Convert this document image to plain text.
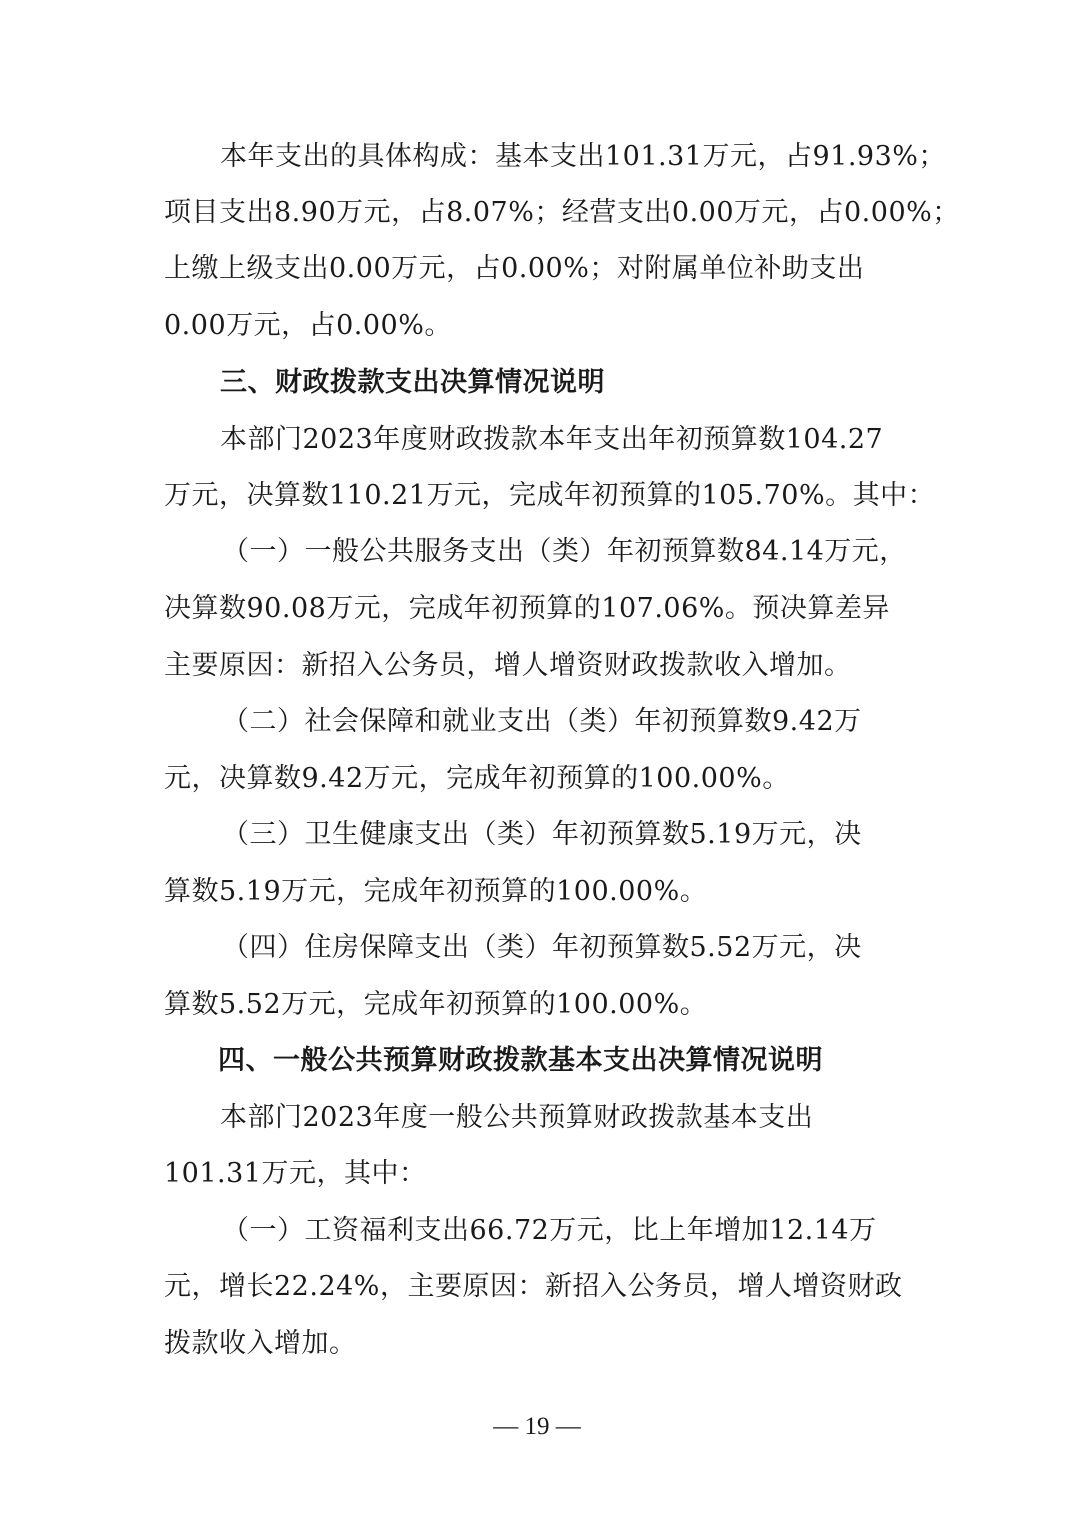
本年支出的具体构成：基本支出101.31万元，占91.93%；
项目支出8.90万元，占8.07%；经营支出0.00万元，占0.00%；
上缴上级支出0.00万元，占0.00%；对附属单位补助支出
0.00万元，占0.00%。
三、财政拨款支出决算情况说明
本部门2023年度财政拨款本年支出年初预算数104.27
万元，决算数110.21万元，完成年初预算的105.70%。其中：
（一）一般公共服务支出（类）年初预算数84.14万元，
决算数90.08万元，完成年初预算的107.06%。预决算差异
主要原因：新招入公务员，增人增资财政拨款收入增加。
（二）社会保障和就业支出（类）年初预算数9.42万
元，决算数9.42万元，完成年初预算的100.00%。
（三）卫生健康支出（类）年初预算数5.19万元，决
算数5.19万元，完成年初预算的100.00%。
（四）住房保障支出（类）年初预算数5.52万元，决
算数5.52万元，完成年初预算的100.00%。
四、一般公共预算财政拨款基本支出决算情况说明
本部门2023年度一般公共预算财政拨款基本支出
101.31万元，其中：
（一）工资福利支出66.72万元，比上年增加12.14万
元，增长22.24%，主要原因：新招入公务员，增人增资财政
拨款收入增加。
— 19 —
